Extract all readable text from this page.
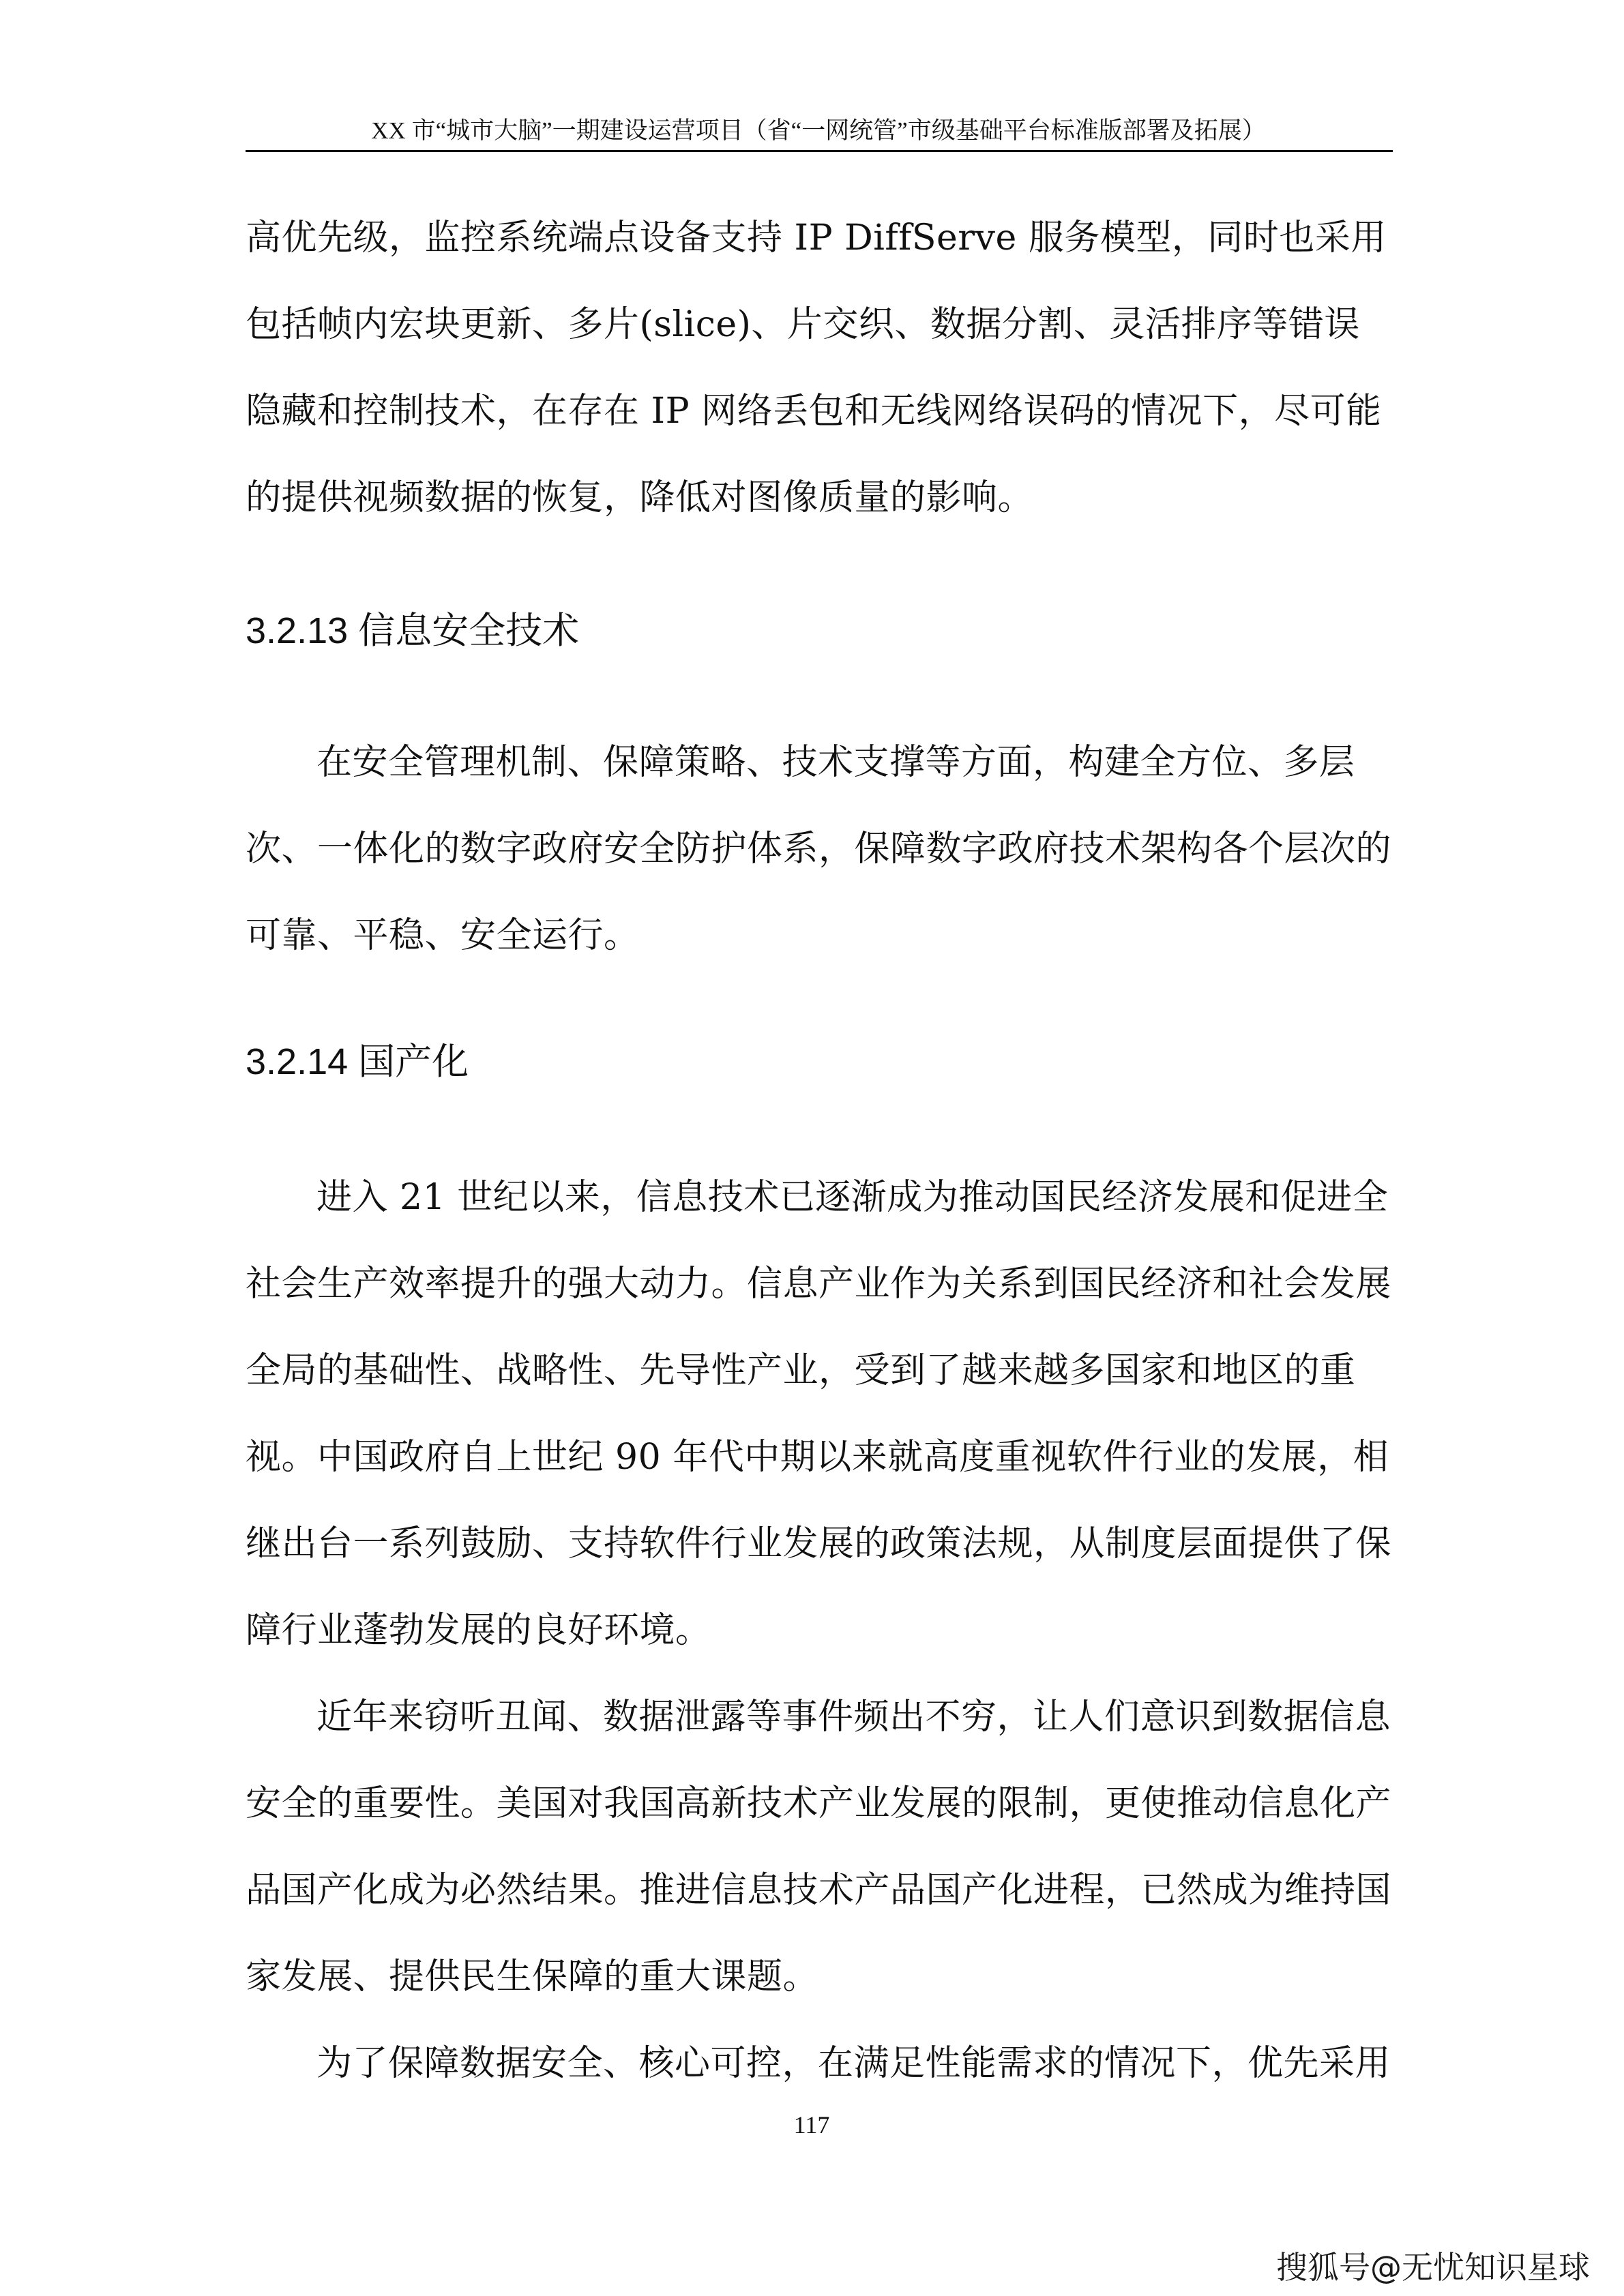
XX 市“城市大脑”一期建设运营项目（省“一网统管”市级基础平台标准版部署及拓展）

高优先级，监控系统端点设备支持 IP DiffServe 服务模型，同时也采用包括帧内宏块更新、多片(slice)、片交织、数据分割、灵活排序等错误隐藏和控制技术，在存在 IP 网络丢包和无线网络误码的情况下，尽可能的提供视频数据的恢复，降低对图像质量的影响。

3.2.13 信息安全技术

在安全管理机制、保障策略、技术支撑等方面，构建全方位、多层次、一体化的数字政府安全防护体系，保障数字政府技术架构各个层次的可靠、平稳、安全运行。

3.2.14 国产化

进入 21 世纪以来，信息技术已逐渐成为推动国民经济发展和促进全社会生产效率提升的强大动力。信息产业作为关系到国民经济和社会发展全局的基础性、战略性、先导性产业，受到了越来越多国家和地区的重视。中国政府自上世纪 90 年代中期以来就高度重视软件行业的发展，相继出台一系列鼓励、支持软件行业发展的政策法规，从制度层面提供了保障行业蓬勃发展的良好环境。

近年来窃听丑闻、数据泄露等事件频出不穷，让人们意识到数据信息安全的重要性。美国对我国高新技术产业发展的限制，更使推动信息化产品国产化成为必然结果。推进信息技术产品国产化进程，已然成为维持国家发展、提供民生保障的重大课题。

为了保障数据安全、核心可控，在满足性能需求的情况下，优先采用

117
搜狐号@无忧知识星球
